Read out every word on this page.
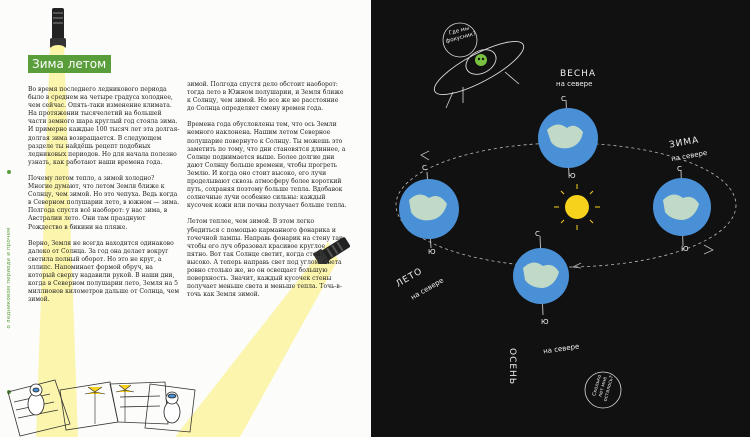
Зима летом

Во время последнего ледникового периода было в среднем на четыре градуса холоднее, чем сейчас. Опять-таки изменение климата. На протяжении тысячелетий на большей части земного шара круглый год стояла зима. И примерно каждые 100 тысяч лет эта долгая-долгая зима возвращается. В следующем разделе ты найдёшь рецепт подобных ледниковых периодов. Но для начала полезно узнать, как работают наши времена года.

Почему летом тепло, а зимой холодно? Многие думают, что летом Земля ближе к Солнцу, чем зимой. Но это чепуха. Ведь когда в Северном полушарии лето, в южном — зима. Полгода спустя всё наоборот: у нас зима, в Австралии лето. Они там празднуют Рождество в бикини на пляже.

Верно, Земля не всегда находится одинаково далеко от Солнца. За год она делает вокруг светила полный оборот. Но это не круг, а эллипс. Напоминает формой обруч, на который сверху надавили рукой. В наши дни, когда в Северном полушарии лето, Земля на 5 миллионов километров дальше от Солнца, чем зимой.

зимой. Полгода спустя дело обстоит наоборот: тогда лето в Южном полушарии, и Земля ближе к Солнцу, чем зимой. Но все же не расстояние до Солнца определяет смену времен года.

Времена года обусловлены тем, что ось Земли немного наклонена. Нашим летом Северное полушарие повернуто к Солнцу. Ты можешь это заметить по тому, что дни становятся длиннее, а Солнце поднимается выше. Более долгие дни дают Солнцу больше времени, чтобы прогреть Землю. И когда оно стоит высоко, его лучи проделывают сквозь атмосферу более короткий путь, сохраняя поэтому больше тепла. Вдобавок солнечные лучи особенно сильны: каждый кусочек кожи или почвы получает больше тепла.

Летом теплее, чем зимой. В этом легко убедиться с помощью карманного фонарика и точечной лампы. Направь фонарик на стену так, чтобы его луч образовал красивое круглое пятно. Вот так Солнце светит, когда стоит высоко. А теперь направь свет под углом. Света ровно столько же, но он освещает большую поверхность. Значит, каждый кусочек стены получает меньше света и меньше тепла. Точь-в-точь как Земля зимой.

о ледниковом периоде и прочем
Где мы фокусник?
ВЕСНА
на севере
С
Ю
ЗИМА
на севере
С
Ю
ЛЕТО
на севере
С
Ю
ОСЕНЬ	на севере
С
Ю
Сколько лет мне осталось?
